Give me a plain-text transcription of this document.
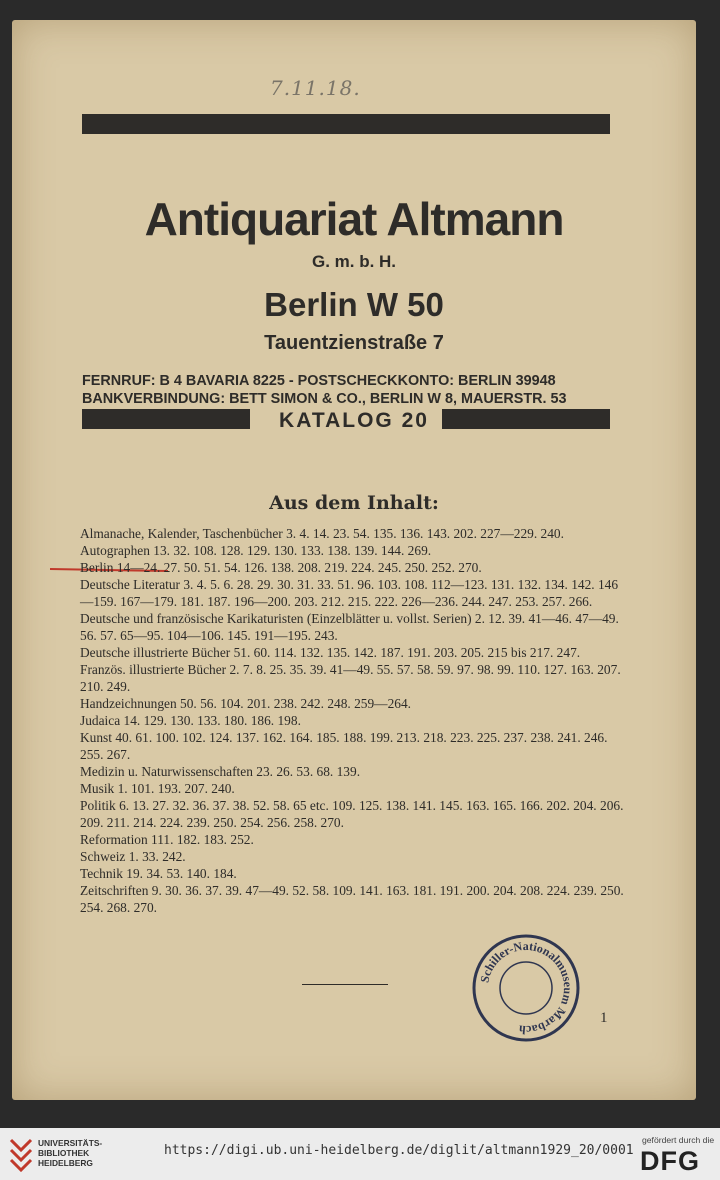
7.11.18.
Antiquariat Altmann
G. m. b. H.
Berlin W 50
Tauentzienstraße 7
FERNRUF: B 4 BAVARIA 8225 - POSTSCHECKKONTO: BERLIN 39948
BANKVERBINDUNG: BETT SIMON & CO., BERLIN W 8, MAUERSTR. 53
KATALOG 20
Aus dem Inhalt:
Almanache, Kalender, Taschenbücher 3. 4. 14. 23. 54. 135. 136. 143. 202. 227—229. 240.
Autographen 13. 32. 108. 128. 129. 130. 133. 138. 139. 144. 269.
Berlin 14—24. 27. 50. 51. 54. 126. 138. 208. 219. 224. 245. 250. 252. 270.
Deutsche Literatur 3. 4. 5. 6. 28. 29. 30. 31. 33. 51. 96. 103. 108. 112—123. 131. 132. 134. 142. 146—159. 167—179. 181. 187. 196—200. 203. 212. 215. 222. 226—236. 244. 247. 253. 257. 266.
Deutsche und französische Karikaturisten (Einzelblätter u. vollst. Serien) 2. 12. 39. 41—46. 47—49. 56. 57. 65—95. 104—106. 145. 191—195. 243.
Deutsche illustrierte Bücher 51. 60. 114. 132. 135. 142. 187. 191. 203. 205. 215 bis 217. 247.
Französ. illustrierte Bücher 2. 7. 8. 25. 35. 39. 41—49. 55. 57. 58. 59. 97. 98. 99. 110. 127. 163. 207. 210. 249.
Handzeichnungen 50. 56. 104. 201. 238. 242. 248. 259—264.
Judaica 14. 129. 130. 133. 180. 186. 198.
Kunst 40. 61. 100. 102. 124. 137. 162. 164. 185. 188. 199. 213. 218. 223. 225. 237. 238. 241. 246. 255. 267.
Medizin u. Naturwissenschaften 23. 26. 53. 68. 139.
Musik 1. 101. 193. 207. 240.
Politik 6. 13. 27. 32. 36. 37. 38. 52. 58. 65 etc. 109. 125. 138. 141. 145. 163. 165. 166. 202. 204. 206. 209. 211. 214. 224. 239. 250. 254. 256. 258. 270.
Reformation 111. 182. 183. 252.
Schweiz 1. 33. 242.
Technik 19. 34. 53. 140. 184.
Zeitschriften 9. 30. 36. 37. 39. 47—49. 52. 58. 109. 141. 163. 181. 191. 200. 204. 208. 224. 239. 250. 254. 268. 270.
Schiller-Nationalmuseum Marbach
1
UNIVERSITÄTS-
BIBLIOTHEK
HEIDELBERG
https://digi.ub.uni-heidelberg.de/diglit/altmann1929_20/0001
gefördert durch die
DFG
